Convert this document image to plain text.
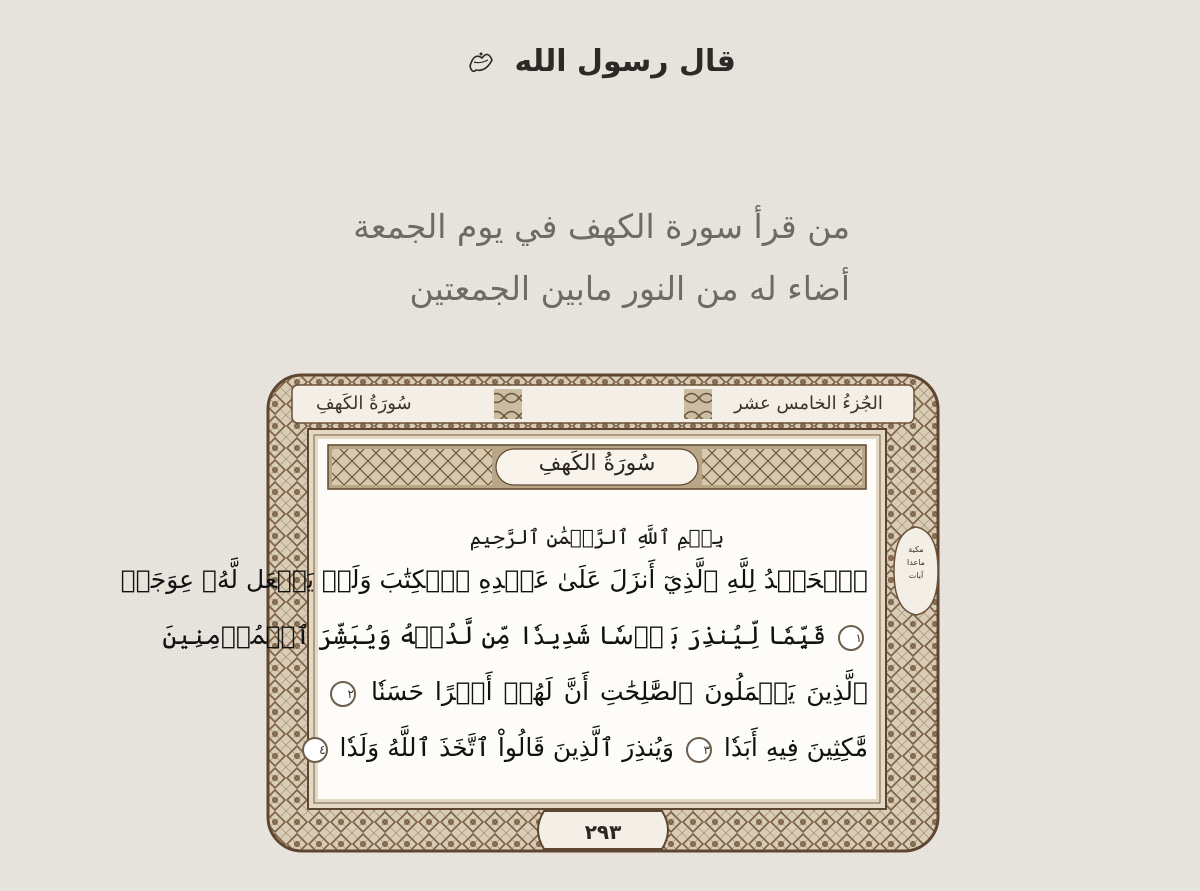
قال رسول الله
من قرأ سورة الكهف في يوم الجمعة
أضاء له من النور مابين الجمعتين
سُورَةُ الكَهفِ	الجُزءُ الخامس عشر
مكية
ماعدا
آيات
سُورَةُ الكَهفِ
بِسۡمِ ٱللَّهِ ٱلرَّحۡمَٰنِ ٱلرَّحِيمِ
ٱلۡحَمۡدُ لِلَّهِ ٱلَّذِيٓ أَنزَلَ عَلَىٰ عَبۡدِهِ ٱلۡكِتَٰبَ وَلَمۡ يَجۡعَل لَّهُۥ عِوَجَاۜ
١ قَيِّمٗا لِّيُنذِرَ بَأۡسٗا شَدِيدٗا مِّن لَّدُنۡهُ وَيُبَشِّرَ ٱلۡمُؤۡمِنِينَ
ٱلَّذِينَ يَعۡمَلُونَ ٱلصَّٰلِحَٰتِ أَنَّ لَهُمۡ أَجۡرًا حَسَنٗا ٢
مَّٰكِثِينَ فِيهِ أَبَدٗا ٣ وَيُنذِرَ ٱلَّذِينَ قَالُواْ ٱتَّخَذَ ٱللَّهُ وَلَدٗا ٤
٢٩٣
